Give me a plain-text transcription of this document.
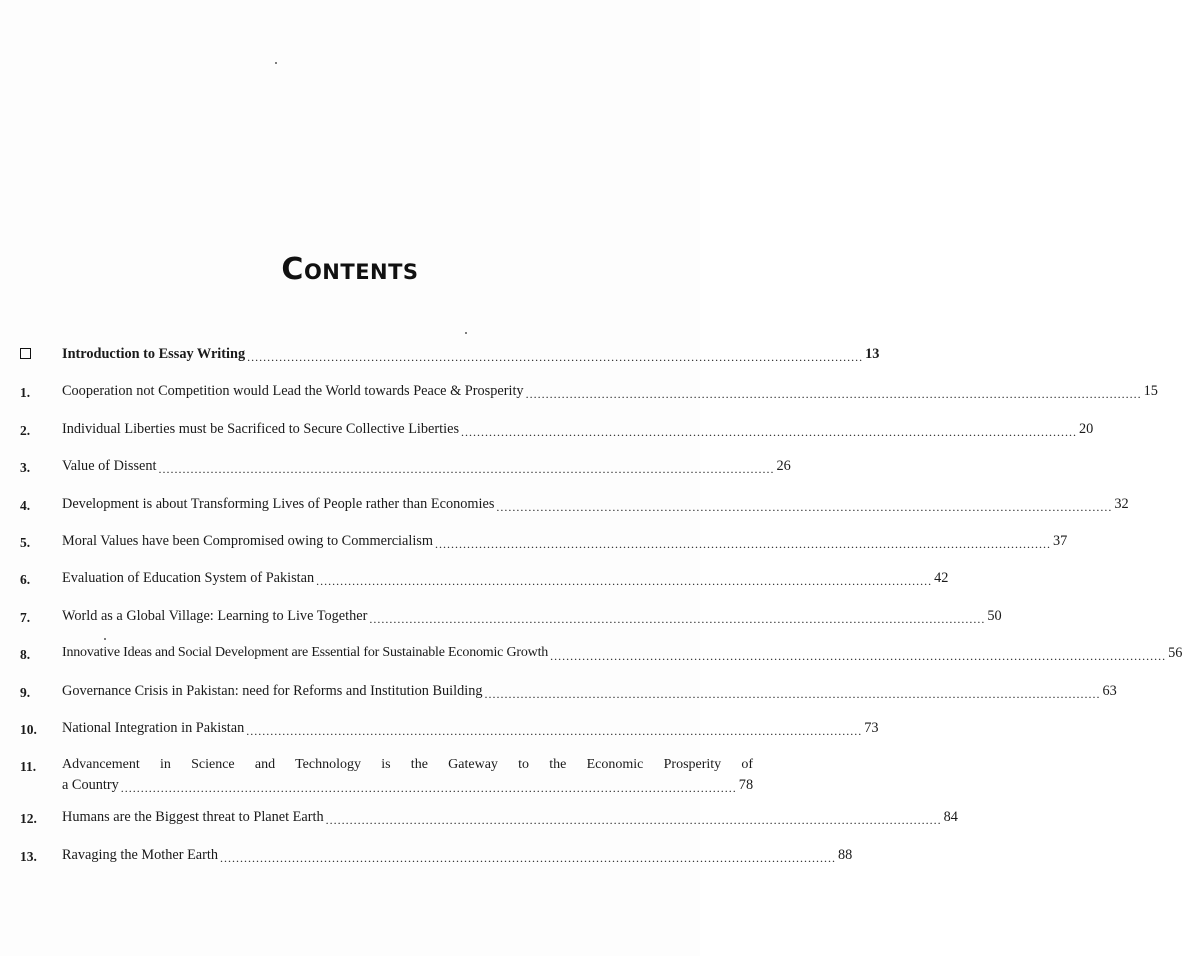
Contents
Introduction to Essay Writing .......................................................................................................................................................... 13
1.	Cooperation not Competition would Lead the World towards Peace & Prosperity .......................................................................................................................................................... 15
2.	Individual Liberties must be Sacrificed to Secure Collective Liberties .......................................................................................................................................................... 20
3.	Value of Dissent .......................................................................................................................................................... 26
4.	Development is about Transforming Lives of People rather than Economies .......................................................................................................................................................... 32
5.	Moral Values have been Compromised owing to Commercialism .......................................................................................................................................................... 37
6.	Evaluation of Education System of Pakistan .......................................................................................................................................................... 42
7.	World as a Global Village: Learning to Live Together .......................................................................................................................................................... 50
8.	Innovative Ideas and Social Development are Essential for Sustainable Economic Growth .......................................................................................................................................................... 56
9.	Governance Crisis in Pakistan: need for Reforms and Institution Building .......................................................................................................................................................... 63
10.	National Integration in Pakistan .......................................................................................................................................................... 73
11.	Advancement in Science and Technology is the Gateway to the Economic Prosperity of
a Country .......................................................................................................................................................... 78
12.	Humans are the Biggest threat to Planet Earth .......................................................................................................................................................... 84
13.	Ravaging the Mother Earth .......................................................................................................................................................... 88
